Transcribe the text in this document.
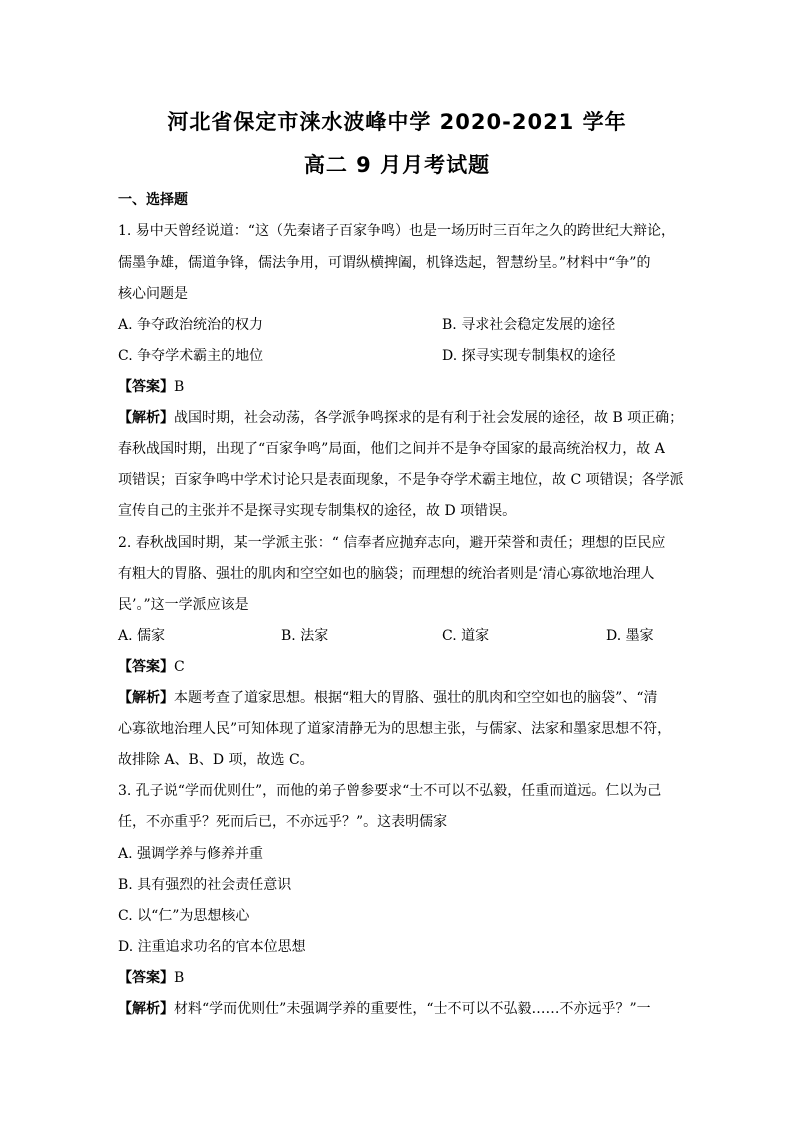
河北省保定市涞水波峰中学 2020-2021 学年
高二 9 月月考试题
一、选择题
1. 易中天曾经说道：“这（先秦诸子百家争鸣）也是一场历时三百年之久的跨世纪大辩论，
儒墨争雄，儒道争锋，儒法争用，可谓纵横捭阖，机锋迭起，智慧纷呈。”材料中“争”的
核心问题是
A. 争夺政治统治的权力	B. 寻求社会稳定发展的途径
C. 争夺学术霸主的地位	D. 探寻实现专制集权的途径
【答案】B
【解析】战国时期，社会动荡，各学派争鸣探求的是有利于社会发展的途径，故 B 项正确；
春秋战国时期，出现了“百家争鸣”局面，他们之间并不是争夺国家的最高统治权力，故 A
项错误；百家争鸣中学术讨论只是表面现象，不是争夺学术霸主地位，故 C 项错误；各学派
宣传自己的主张并不是探寻实现专制集权的途径，故 D 项错误。
2. 春秋战国时期，某一学派主张：“ 信奉者应抛弃志向，避开荣誉和责任；理想的臣民应
有粗大的胃胳、强壮的肌肉和空空如也的脑袋；而理想的统治者则是‘清心寡欲地治理人
民’。”这一学派应该是
A. 儒家	B. 法家	C. 道家	D. 墨家
【答案】C
【解析】本题考查了道家思想。根据“粗大的胃胳、强壮的肌肉和空空如也的脑袋”、“清
心寡欲地治理人民”可知体现了道家清静无为的思想主张，与儒家、法家和墨家思想不符，
故排除 A、B、D 项，故选 C。
3. 孔子说“学而优则仕”，而他的弟子曾参要求“士不可以不弘毅，任重而道远。仁以为己
任，不亦重乎？死而后已，不亦远乎？”。这表明儒家
A. 强调学养与修养并重
B. 具有强烈的社会责任意识
C. 以“仁”为思想核心
D. 注重追求功名的官本位思想
【答案】B
【解析】材料“学而优则仕”未强调学养的重要性，“士不可以不弘毅……不亦远乎？”一
